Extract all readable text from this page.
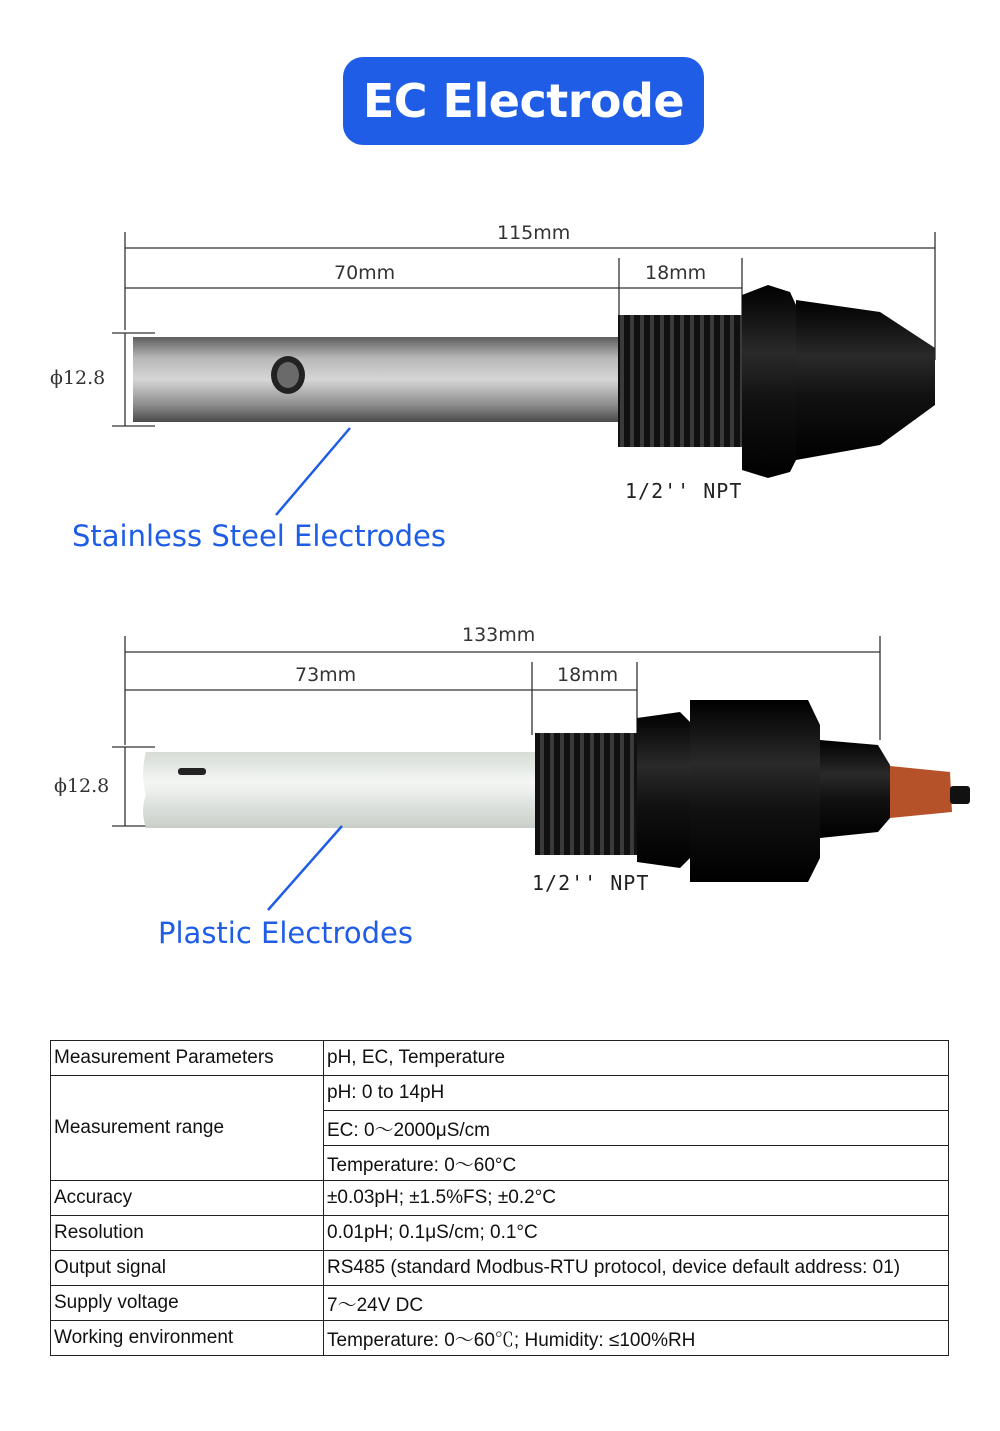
EC Electrode
115mm
70mm	18mm
ϕ12.8
1/2'' NPT
Stainless Steel Electrodes
133mm
73mm	18mm
ϕ12.8
1/2'' NPT
Plastic Electrodes
Measurement Parameters	pH, EC, Temperature
Measurement range	pH: 0 to 14pH
	EC: 0～2000μS/cm
	Temperature: 0～60°C
Accuracy	±0.03pH; ±1.5%FS; ±0.2°C
Resolution	0.01pH; 0.1μS/cm; 0.1°C
Output signal	RS485 (standard Modbus-RTU protocol, device default address: 01)
Supply voltage	7～24V DC
Working environment	Temperature: 0～60℃; Humidity: ≤100%RH
